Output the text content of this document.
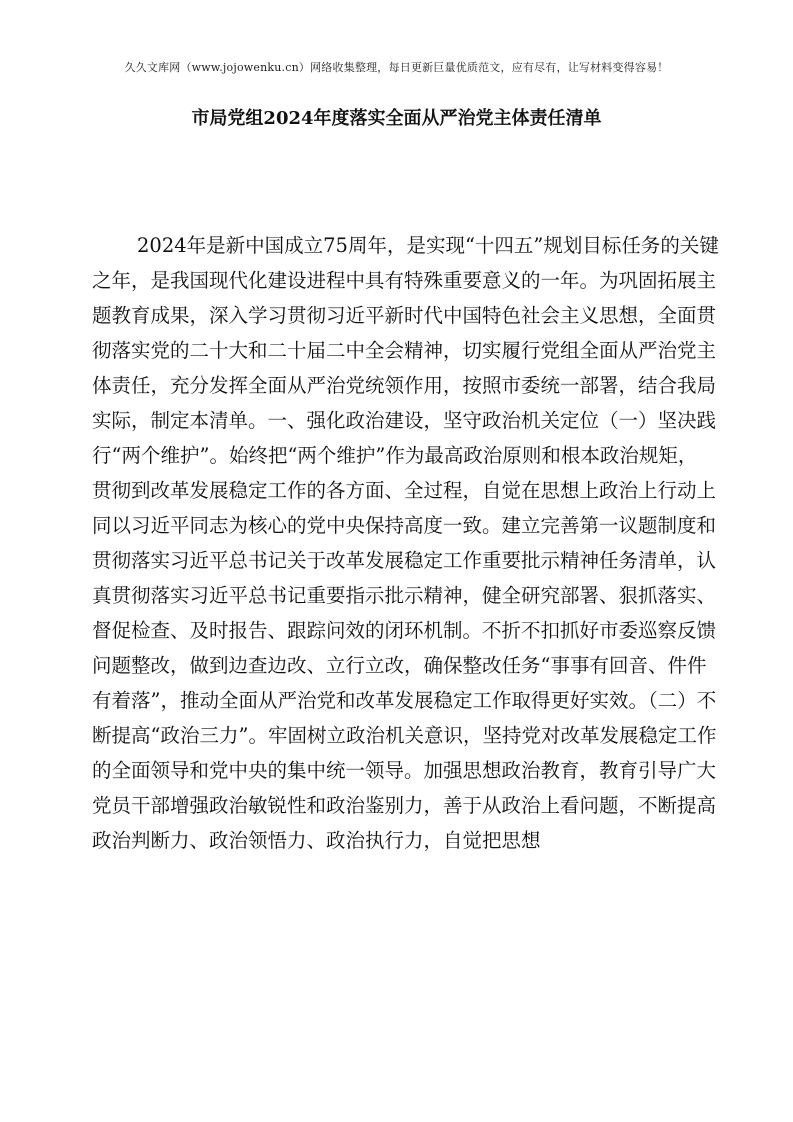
久久文库网（www.jojowenku.cn）网络收集整理，每日更新巨量优质范文，应有尽有，让写材料变得容易！
市局党组2024年度落实全面从严治党主体责任清单
2024年是新中国成立75周年，是实现“十四五”规划目标任务的关键
之年，是我国现代化建设进程中具有特殊重要意义的一年。为巩固拓展主
题教育成果，深入学习贯彻习近平新时代中国特色社会主义思想，全面贯
彻落实党的二十大和二十届二中全会精神，切实履行党组全面从严治党主
体责任，充分发挥全面从严治党统领作用，按照市委统一部署，结合我局
实际，制定本清单。一、强化政治建设，坚守政治机关定位（一）坚决践
行“两个维护”。始终把“两个维护”作为最高政治原则和根本政治规矩，
贯彻到改革发展稳定工作的各方面、全过程，自觉在思想上政治上行动上
同以习近平同志为核心的党中央保持高度一致。建立完善第一议题制度和
贯彻落实习近平总书记关于改革发展稳定工作重要批示精神任务清单，认
真贯彻落实习近平总书记重要指示批示精神，健全研究部署、狠抓落实、
督促检查、及时报告、跟踪问效的闭环机制。不折不扣抓好市委巡察反馈
问题整改，做到边查边改、立行立改，确保整改任务“事事有回音、件件
有着落”，推动全面从严治党和改革发展稳定工作取得更好实效。（二）不
断提高“政治三力”。牢固树立政治机关意识，坚持党对改革发展稳定工作
的全面领导和党中央的集中统一领导。加强思想政治教育，教育引导广大
党员干部增强政治敏锐性和政治鉴别力，善于从政治上看问题，不断提高
政治判断力、政治领悟力、政治执行力，自觉把思想
